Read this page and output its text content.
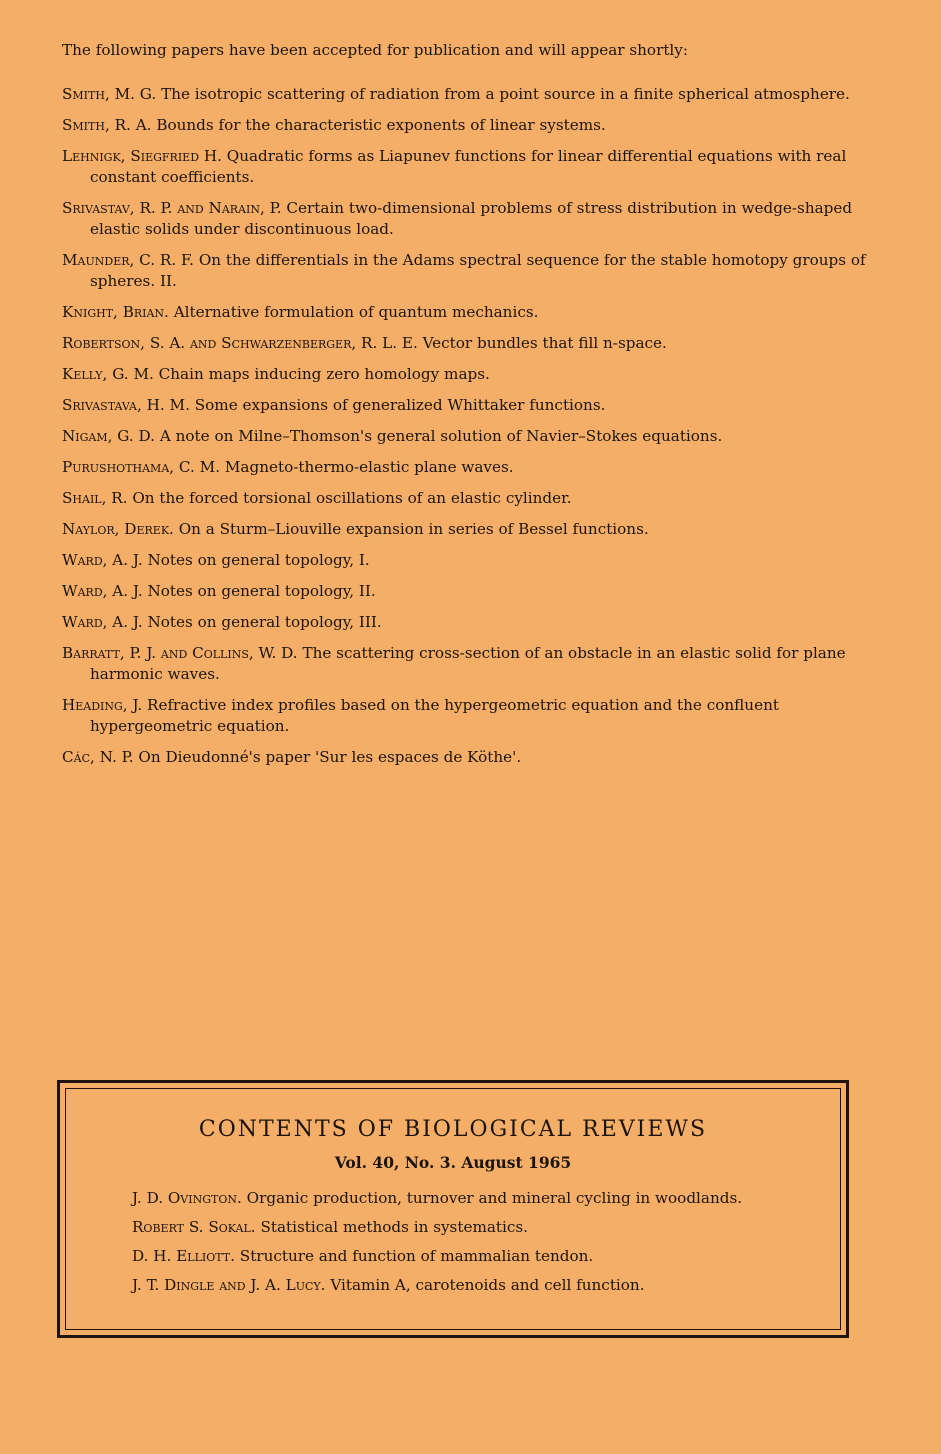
The following papers have been accepted for publication and will appear shortly:

Smith, M. G. The isotropic scattering of radiation from a point source in a finite spherical atmosphere.
Smith, R. A. Bounds for the characteristic exponents of linear systems.
Lehnigk, Siegfried H. Quadratic forms as Liapunev functions for linear differential equations with real constant coefficients.
Srivastav, R. P. and Narain, P. Certain two-dimensional problems of stress distribution in wedge-shaped elastic solids under discontinuous load.
Maunder, C. R. F. On the differentials in the Adams spectral sequence for the stable homotopy groups of spheres. II.
Knight, Brian. Alternative formulation of quantum mechanics.
Robertson, S. A. and Schwarzenberger, R. L. E. Vector bundles that fill n-space.
Kelly, G. M. Chain maps inducing zero homology maps.
Srivastava, H. M. Some expansions of generalized Whittaker functions.
Nigam, G. D. A note on Milne–Thomson's general solution of Navier–Stokes equations.
Purushothama, C. M. Magneto-thermo-elastic plane waves.
Shail, R. On the forced torsional oscillations of an elastic cylinder.
Naylor, Derek. On a Sturm–Liouville expansion in series of Bessel functions.
Ward, A. J. Notes on general topology, I.
Ward, A. J. Notes on general topology, II.
Ward, A. J. Notes on general topology, III.
Barratt, P. J. and Collins, W. D. The scattering cross-section of an obstacle in an elastic solid for plane harmonic waves.
Heading, J. Refractive index profiles based on the hypergeometric equation and the confluent hypergeometric equation.
Các, N. P. On Dieudonné's paper 'Sur les espaces de Köthe'.
CONTENTS OF BIOLOGICAL REVIEWS

Vol. 40, No. 3. August 1965

J. D. Ovington. Organic production, turnover and mineral cycling in woodlands.
Robert S. Sokal. Statistical methods in systematics.
D. H. Elliott. Structure and function of mammalian tendon.
J. T. Dingle and J. A. Lucy. Vitamin A, carotenoids and cell function.
